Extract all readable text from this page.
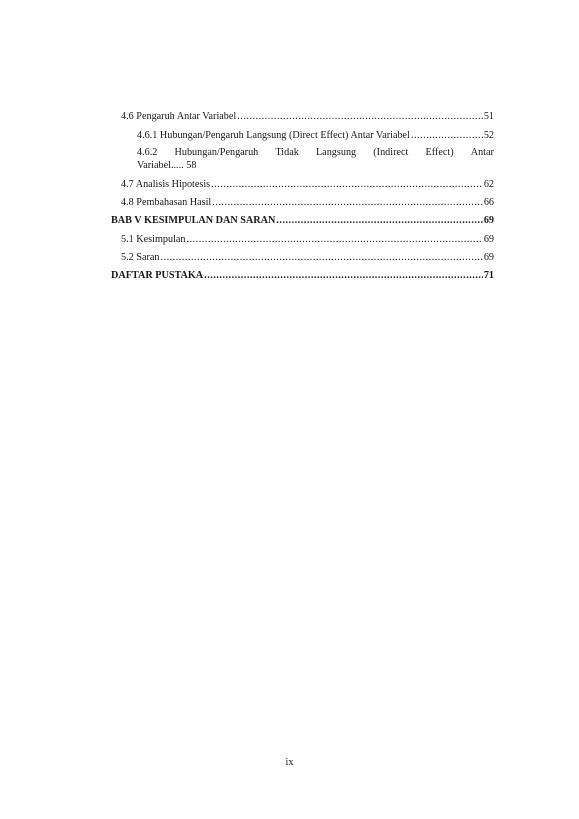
4.6 Pengaruh Antar Variabel .....	51
4.6.1 Hubungan/Pengaruh Langsung (Direct Effect) Antar Variabel .....	52
4.6.2 Hubungan/Pengaruh Tidak Langsung (Indirect Effect) Antar
Variabel..... 58
4.7 Analisis Hipotesis .....	62
4.8 Pembahasan Hasil .....	66
BAB V KESIMPULAN DAN SARAN .....	69
5.1 Kesimpulan .....	69
5.2 Saran .....	69
DAFTAR PUSTAKA .....	71
ix
